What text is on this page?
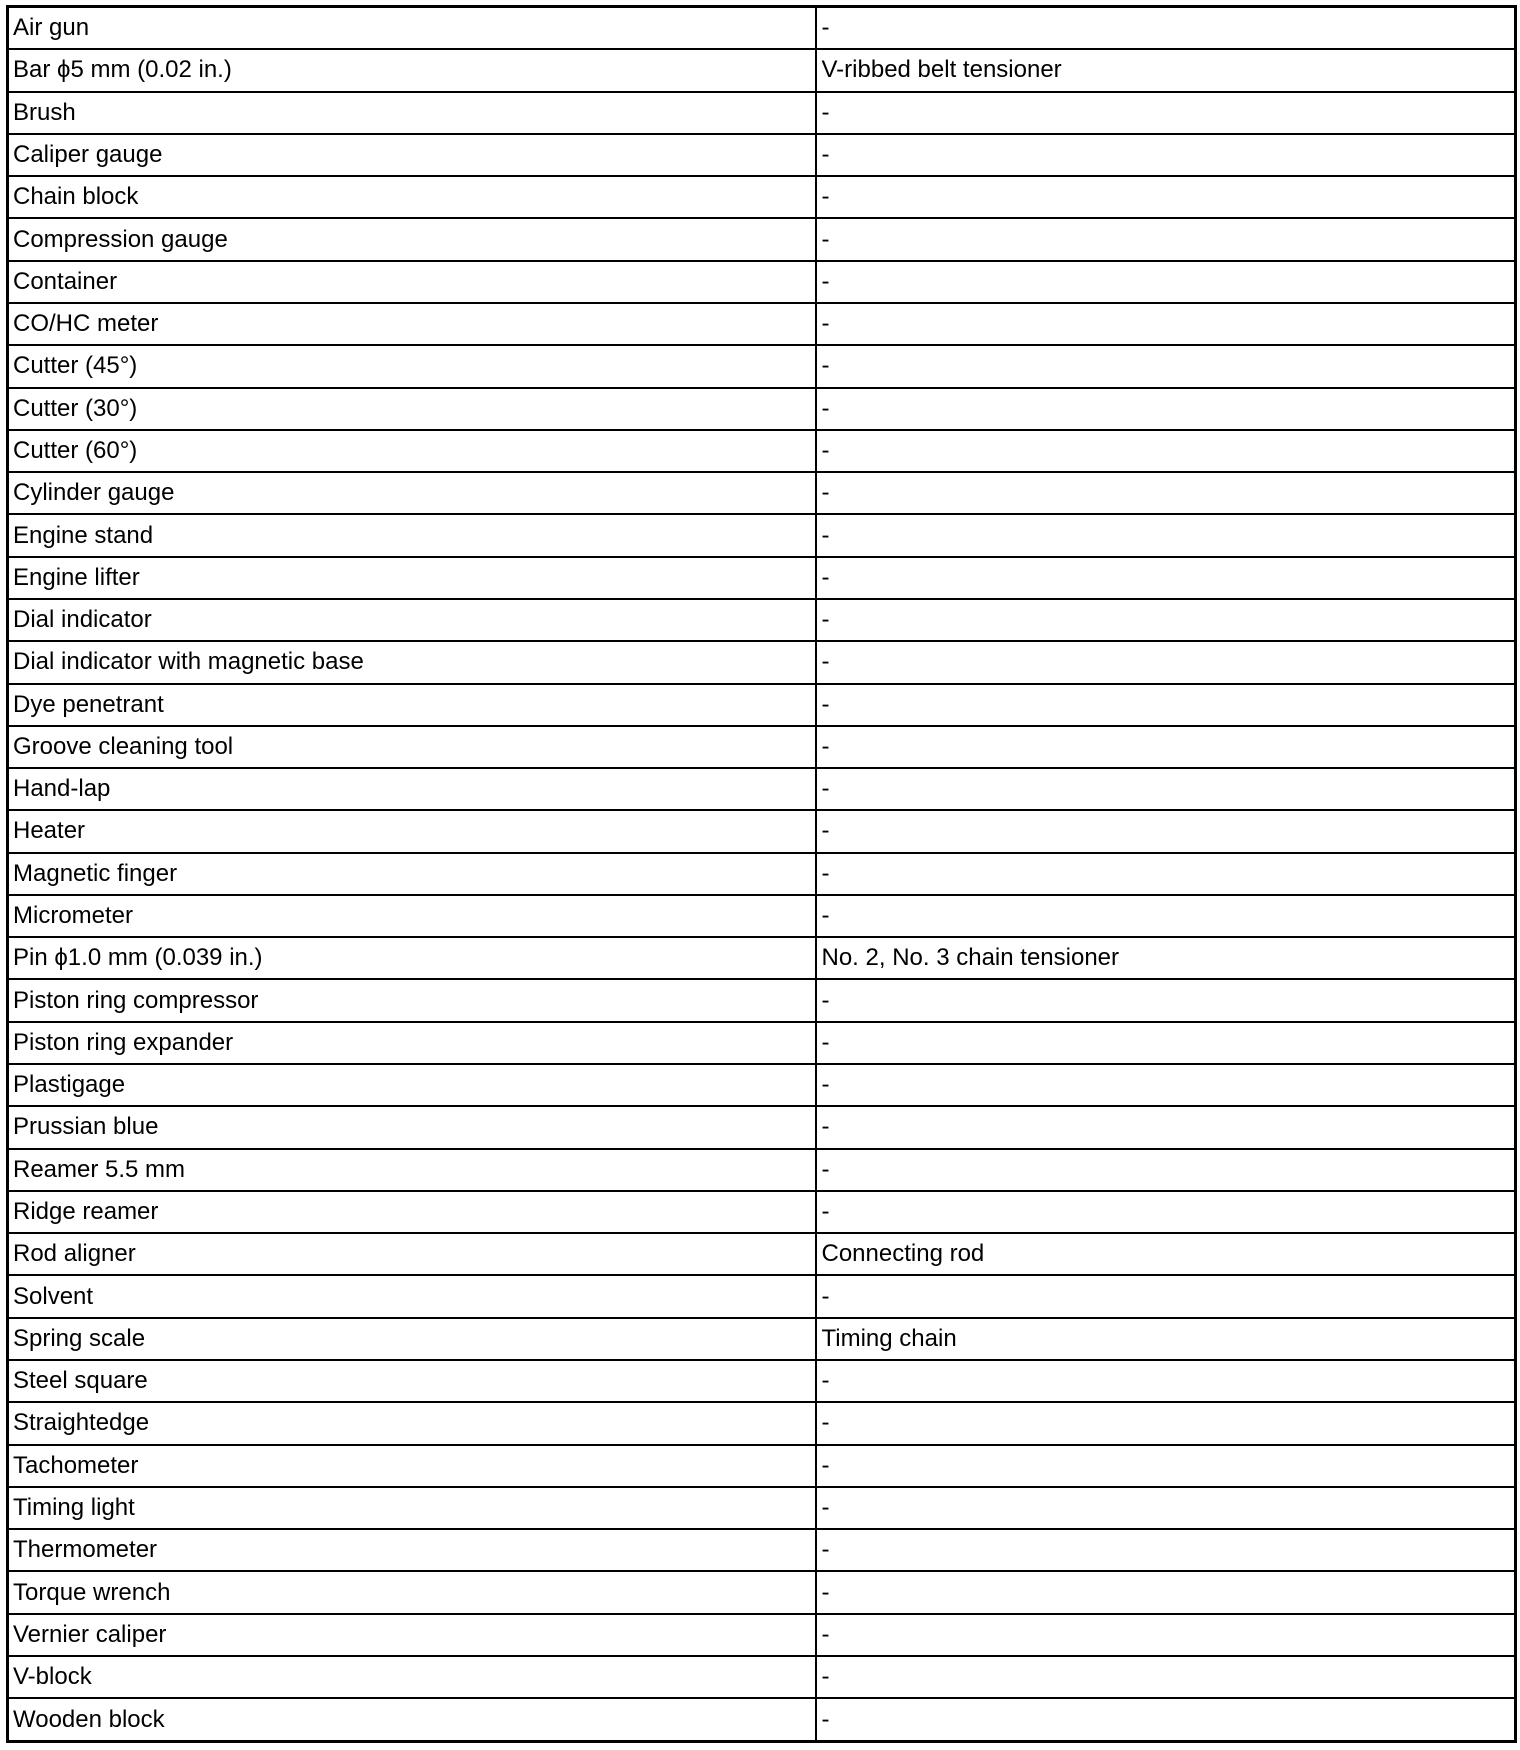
Air gun	-
Bar ϕ5 mm (0.02 in.)	V-ribbed belt tensioner
Brush	-
Caliper gauge	-
Chain block	-
Compression gauge	-
Container	-
CO/HC meter	-
Cutter (45°)	-
Cutter (30°)	-
Cutter (60°)	-
Cylinder gauge	-
Engine stand	-
Engine lifter	-
Dial indicator	-
Dial indicator with magnetic base	-
Dye penetrant	-
Groove cleaning tool	-
Hand-lap	-
Heater	-
Magnetic finger	-
Micrometer	-
Pin ϕ1.0 mm (0.039 in.)	No. 2, No. 3 chain tensioner
Piston ring compressor	-
Piston ring expander	-
Plastigage	-
Prussian blue	-
Reamer 5.5 mm	-
Ridge reamer	-
Rod aligner	Connecting rod
Solvent	-
Spring scale	Timing chain
Steel square	-
Straightedge	-
Tachometer	-
Timing light	-
Thermometer	-
Torque wrench	-
Vernier caliper	-
V-block	-
Wooden block	-
